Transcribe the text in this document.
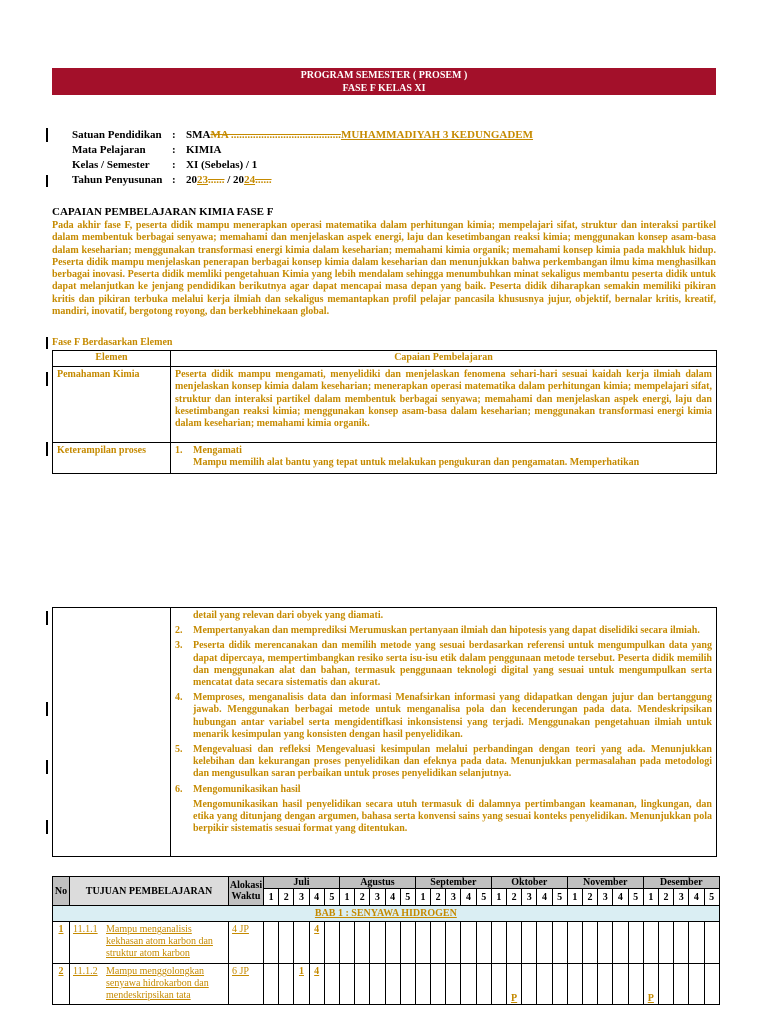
PROGRAM SEMESTER ( PROSEM )
FASE F KELAS XI
Satuan Pendidikan : SMAMA ........................................MUHAMMADIYAH 3 KEDUNGADEM
Mata Pelajaran : KIMIA
Kelas / Semester : XI (Sebelas) / 1
Tahun Penyusunan : 2023...... / 2024......
CAPAIAN PEMBELAJARAN KIMIA FASE F
Pada akhir fase F, peserta didik mampu menerapkan operasi matematika dalam perhitungan kimia; mempelajari sifat, struktur dan interaksi partikel dalam membentuk berbagai senyawa; memahami dan menjelaskan aspek energi, laju dan kesetimbangan reaksi kimia; menggunakan konsep asam-basa dalam keseharian; menggunakan transformasi energi kimia dalam keseharian; memahami kimia organik; memahami konsep kimia pada makhluk hidup. Peserta didik mampu menjelaskan penerapan berbagai konsep kimia dalam keseharian dan menunjukkan bahwa perkembangan ilmu kima menghasilkan berbagai inovasi. Peserta didik memliki pengetahuan Kimia yang lebih mendalam sehingga menumbuhkan minat sekaligus membantu peserta didik untuk dapat melanjutkan ke jenjang pendidikan berikutnya agar dapat mencapai masa depan yang baik. Peserta didik diharapkan semakin memiliki pikiran kritis dan pikiran terbuka melalui kerja ilmiah dan sekaligus memantapkan profil pelajar pancasila khususnya jujur, objektif, bernalar kritis, kreatif, mandiri, inovatif, bergotong royong, dan berkebhinekaan global.
Fase F Berdasarkan Elemen
Elemen	Capaian Pembelajaran
Pemahaman Kimia	Peserta didik mampu mengamati, menyelidiki dan menjelaskan fenomena sehari-hari sesuai kaidah kerja ilmiah dalam menjelaskan konsep kimia dalam keseharian; menerapkan operasi matematika dalam perhitungan kimia; mempelajari sifat, struktur dan interaksi partikel dalam membentuk berbagai senyawa; memahami dan menjelaskan aspek energi, laju dan kesetimbangan reaksi kimia; menggunakan konsep asam-basa dalam keseharian; menggunakan transformasi energi kimia dalam keseharian; memahami kimia organik.
Keterampilan proses	1. Mengamati
Mampu memilih alat bantu yang tepat untuk melakukan pengukuran dan pengamatan. Memperhatikan

detail yang relevan dari obyek yang diamati.
2.	Mempertanyakan dan memprediksi Merumuskan pertanyaan ilmiah dan hipotesis yang dapat diselidiki secara ilmiah.
3.	Peserta didik merencanakan dan memilih metode yang sesuai berdasarkan referensi untuk mengumpulkan data yang dapat dipercaya, mempertimbangkan resiko serta isu-isu etik dalam penggunaan metode tersebut. Peserta didik memilih dan menggunakan alat dan bahan, termasuk penggunaan teknologi digital yang sesuai untuk mengumpulkan serta mencatat data secara sistematis dan akurat.
4.	Memproses, menganalisis data dan informasi Menafsirkan informasi yang didapatkan dengan jujur dan bertanggung jawab. Menggunakan berbagai metode untuk menganalisa pola dan kecenderungan pada data. Mendeskripsikan hubungan antar variabel serta mengidentifkasi inkonsistensi yang terjadi. Menggunakan pengetahuan ilmiah untuk menarik kesimpulan yang konsisten dengan hasil penyelidikan.
5.	Mengevaluasi dan refleksi Mengevaluasi kesimpulan melalui perbandingan dengan teori yang ada. Menunjukkan kelebihan dan kekurangan proses penyelidikan dan efeknya pada data. Menunjukkan permasalahan pada metodologi dan mengusulkan saran perbaikan untuk proses penyelidikan selanjutnya.
6.	Mengomunikasikan hasil
Mengomunikasikan hasil penyelidikan secara utuh termasuk di dalamnya pertimbangan keamanan, lingkungan, dan etika yang ditunjang dengan argumen, bahasa serta konvensi sains yang sesuai konteks penyelidikan. Menunjukkan pola berpikir sistematis sesuai format yang ditentukan.
No	TUJUAN PEMBELAJARAN	Alokasi Waktu	Juli					Agustus					September					Oktober					November					Desember				
			1	2	3	4	5	1	2	3	4	5	1	2	3	4	5	1	2	3	4	5	1	2	3	4	5	1	2	3	4	5
BAB 1 : SENYAWA HIDROGEN																																
1	11.1.1 Mampu menganalisis kekhasan atom karbon dan struktur atom karbon	4 JP				4																										
2	11.1.2 Mampu menggolongkan senyawa hidrokarbon dan mendeskripsikan tata	6 JP			1	4													P									P				
